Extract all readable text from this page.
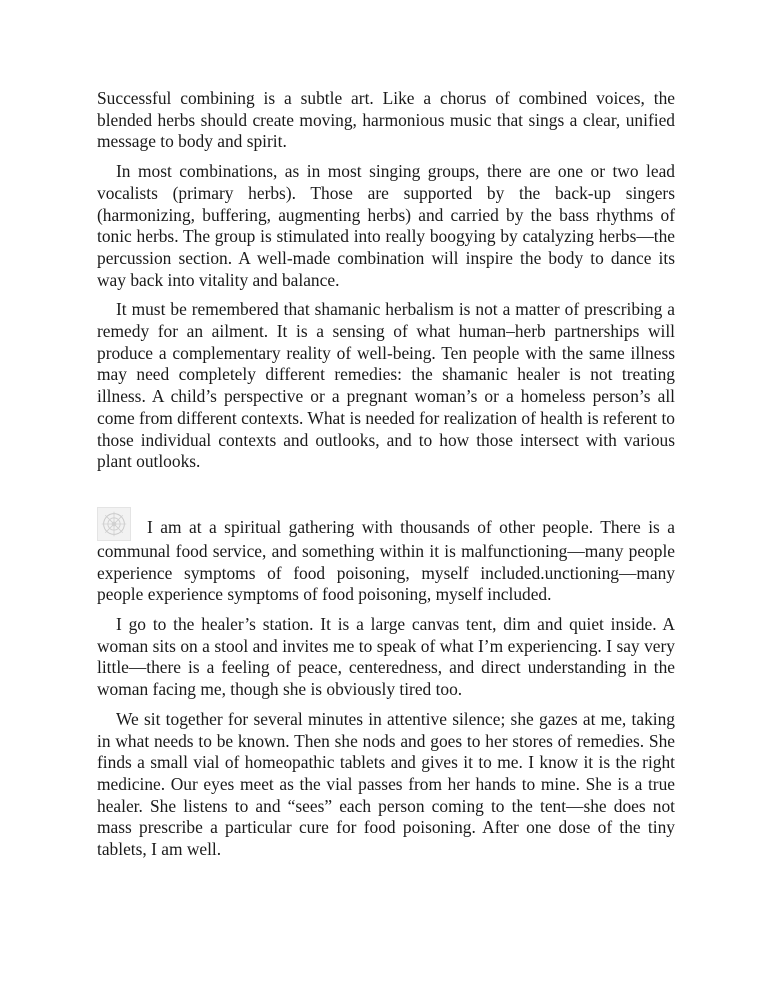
Successful combining is a subtle art. Like a chorus of combined voices, the blended herbs should create moving, harmonious music that sings a clear, unified message to body and spirit.

In most combinations, as in most singing groups, there are one or two lead vocalists (primary herbs). Those are supported by the back-up singers (harmonizing, buffering, augmenting herbs) and carried by the bass rhythms of tonic herbs. The group is stimulated into really boogying by catalyzing herbs—the percussion section. A well-made combination will inspire the body to dance its way back into vitality and balance.

It must be remembered that shamanic herbalism is not a matter of prescribing a remedy for an ailment. It is a sensing of what human–herb partnerships will produce a complementary reality of well-being. Ten people with the same illness may need completely different remedies: the shamanic healer is not treating illness. A child’s perspective or a pregnant woman’s or a homeless person’s all come from different contexts. What is needed for realization of health is referent to those individual contexts and outlooks, and to how those intersect with various plant outlooks.

I am at a spiritual gathering with thousands of other people. There is a communal food service, and something within it is malfunctioning—many people experience symptoms of food poisoning, myself included.unctioning—many people experience symptoms of food poisoning, myself included.

I go to the healer’s station. It is a large canvas tent, dim and quiet inside. A woman sits on a stool and invites me to speak of what I’m experiencing. I say very little—there is a feeling of peace, centeredness, and direct understanding in the woman facing me, though she is obviously tired too.

We sit together for several minutes in attentive silence; she gazes at me, taking in what needs to be known. Then she nods and goes to her stores of remedies. She finds a small vial of homeopathic tablets and gives it to me. I know it is the right medicine. Our eyes meet as the vial passes from her hands to mine. She is a true healer. She listens to and “sees” each person coming to the tent—she does not mass prescribe a particular cure for food poisoning. After one dose of the tiny tablets, I am well.
